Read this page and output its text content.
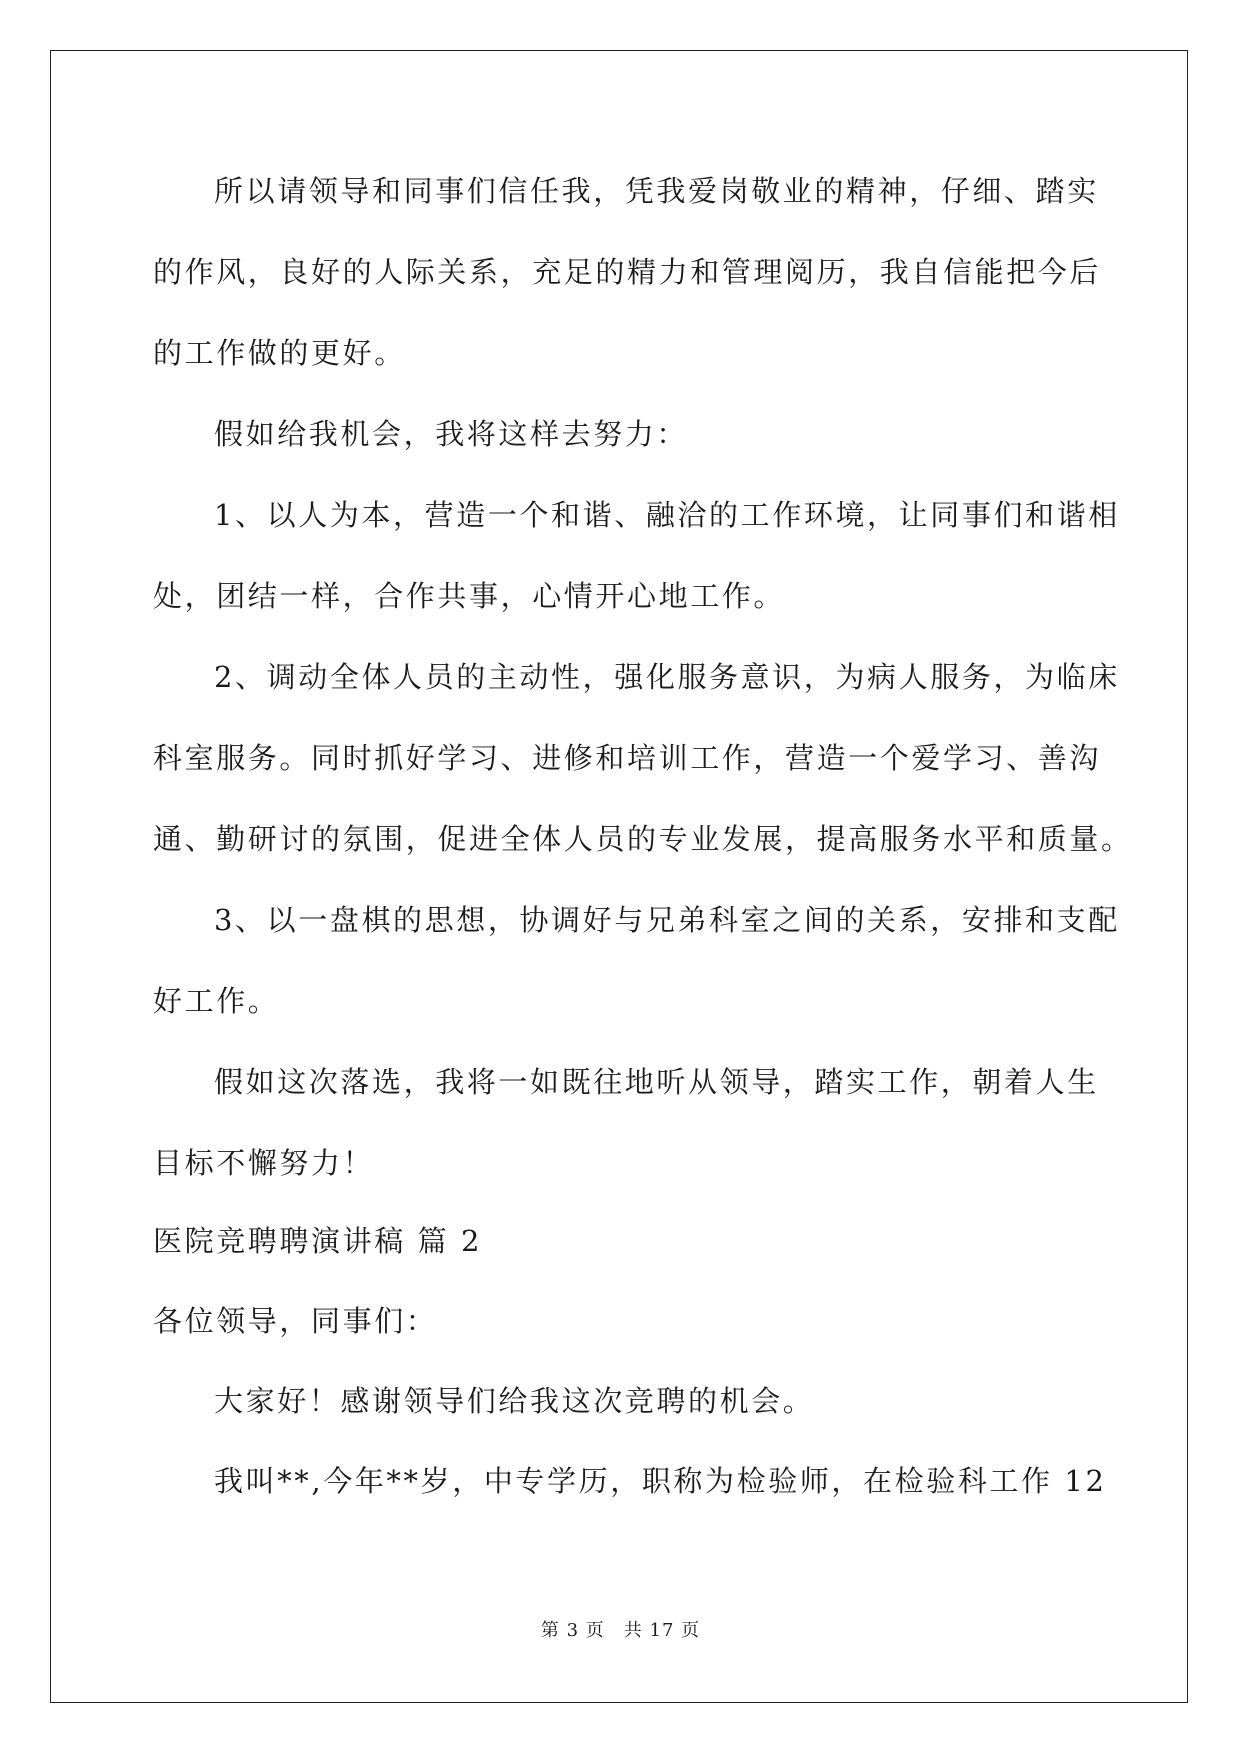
所以请领导和同事们信任我，凭我爱岗敬业的精神，仔细、踏实
的作风，良好的人际关系，充足的精力和管理阅历，我自信能把今后
的工作做的更好。
假如给我机会，我将这样去努力：
1、以人为本，营造一个和谐、融洽的工作环境，让同事们和谐相
处，团结一样，合作共事，心情开心地工作。
2、调动全体人员的主动性，强化服务意识，为病人服务，为临床
科室服务。同时抓好学习、进修和培训工作，营造一个爱学习、善沟
通、勤研讨的氛围，促进全体人员的专业发展，提高服务水平和质量。
3、以一盘棋的思想，协调好与兄弟科室之间的关系，安排和支配
好工作。
假如这次落选，我将一如既往地听从领导，踏实工作，朝着人生
目标不懈努力！
医院竞聘聘演讲稿 篇 2
各位领导，同事们：
大家好！感谢领导们给我这次竞聘的机会。
我叫**,今年**岁，中专学历，职称为检验师，在检验科工作 12
第 3 页　共 17 页
